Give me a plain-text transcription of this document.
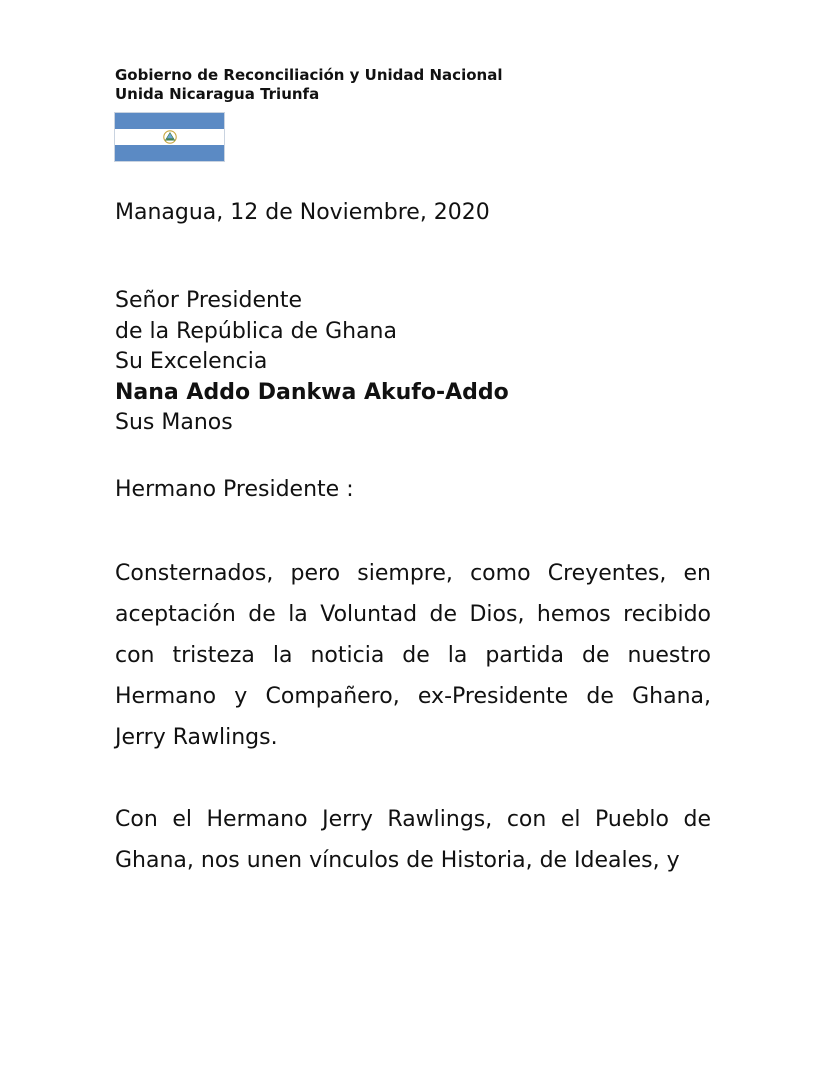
Gobierno de Reconciliación y Unidad Nacional
Unida Nicaragua Triunfa
Managua, 12 de Noviembre, 2020
Señor Presidente
de la República de Ghana
Su Excelencia
Nana Addo Dankwa Akufo-Addo
Sus Manos
Hermano Presidente :

Consternados, pero siempre, como Creyentes, en aceptación de la Voluntad de Dios, hemos recibido con tristeza la noticia de la partida de nuestro Hermano y Compañero, ex-Presidente de Ghana, Jerry Rawlings.

Con el Hermano Jerry Rawlings, con el Pueblo de Ghana, nos unen vínculos de Historia, de Ideales, y
